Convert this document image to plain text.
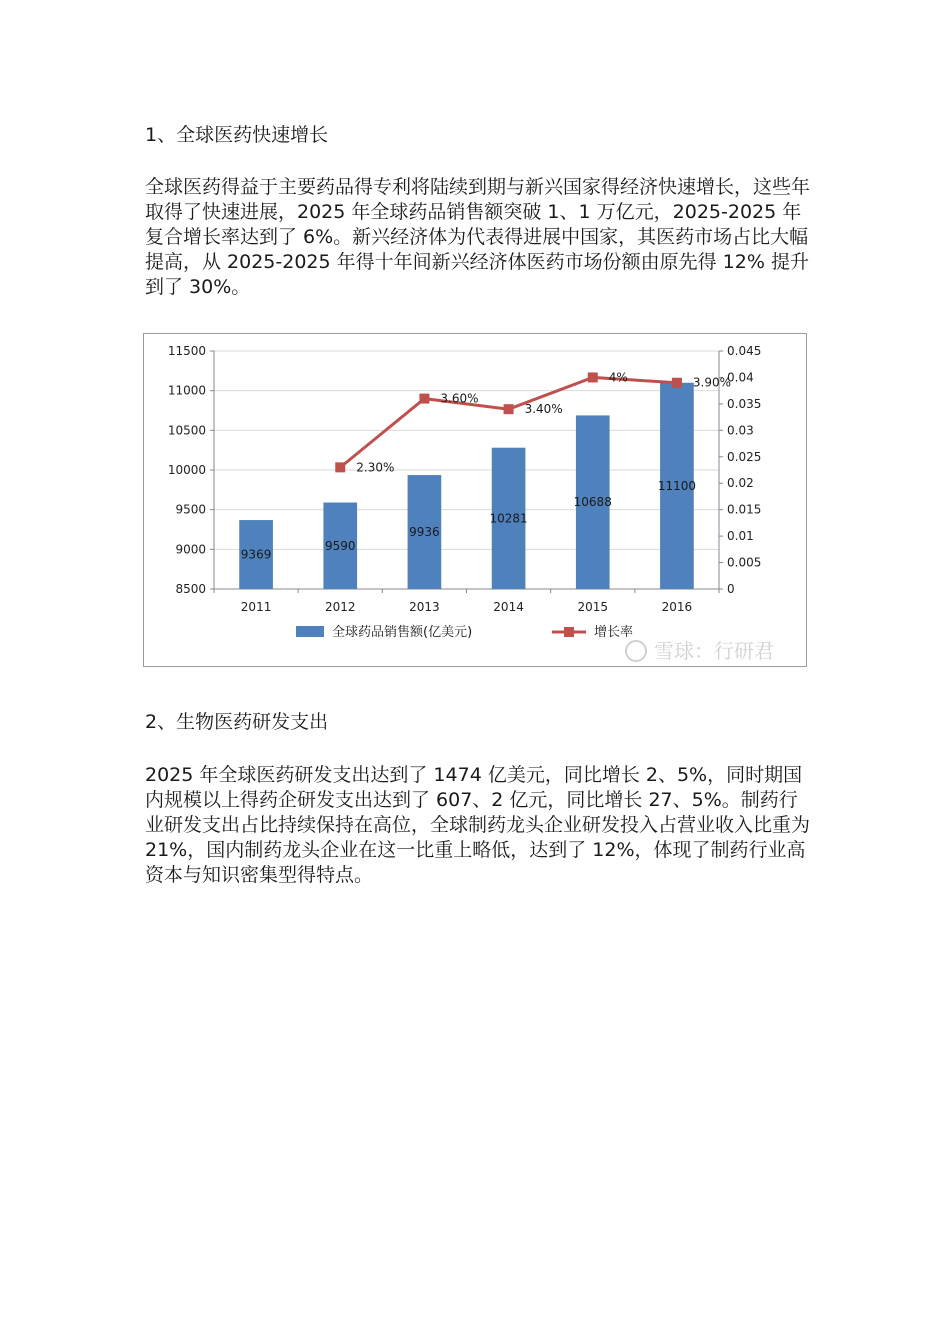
1、全球医药快速增长

全球医药得益于主要药品得专利将陆续到期与新兴国家得经济快速增长，这些年取得了快速进展，2025 年全球药品销售额突破 1、1 万亿元，2025-2025 年复合增长率达到了 6%。新兴经济体为代表得进展中国家，其医药市场占比大幅提高，从 2025-2025 年得十年间新兴经济体医药市场份额由原先得 12% 提升到了 30%。

8500
9000
9500
10000
10500
11000
11500
0
0.005
0.01
0.015
0.02
0.025
0.03
0.035
0.04
0.045
2011	2012	2013	2014	2015	2016
9369
9590
9936
10281
10688
11100
2.30%
3.60%
3.40%
4%	3.90%
全球药品销售额(亿美元)	增长率
雪球：行研君
2、生物医药研发支出

2025 年全球医药研发支出达到了 1474 亿美元，同比增长 2、5%，同时期国内规模以上得药企研发支出达到了 607、2 亿元，同比增长 27、5%。制药行业研发支出占比持续保持在高位，全球制药龙头企业研发投入占营业收入比重为 21%，国内制药龙头企业在这一比重上略低，达到了 12%，体现了制药行业高资本与知识密集型得特点。
